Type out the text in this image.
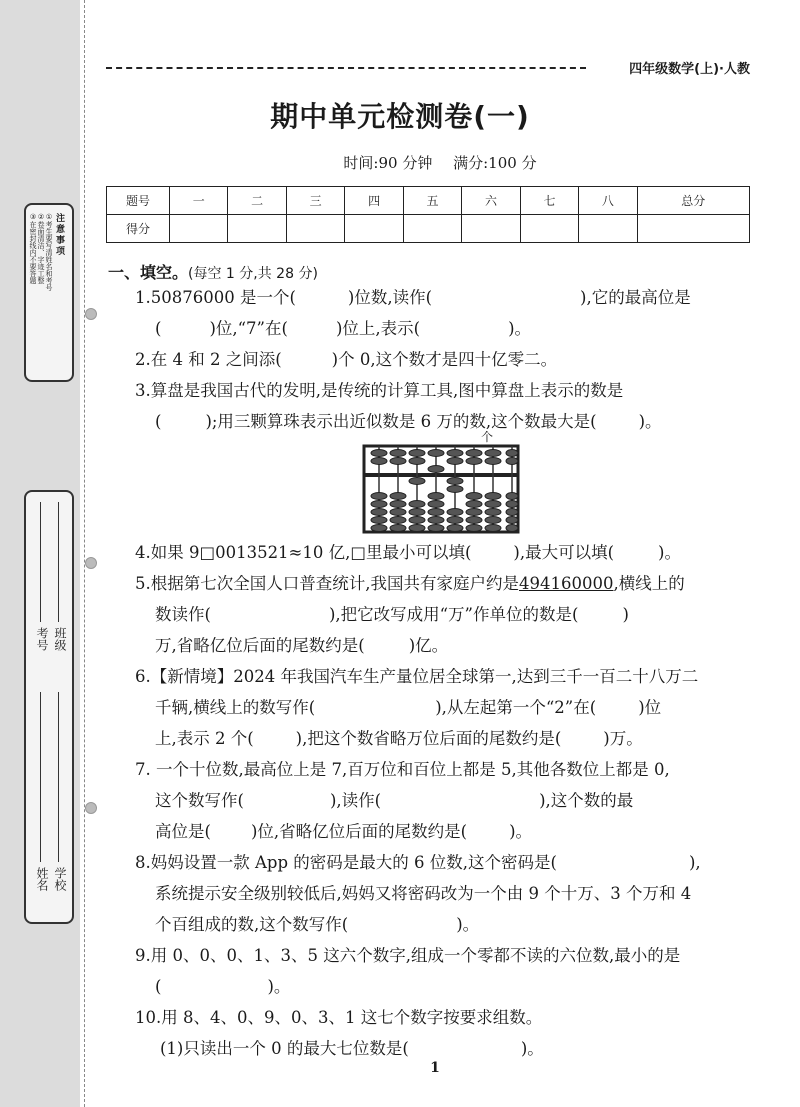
注意事项
①考生要写清姓名和考号
②卷面清洁、字迹工整
③在密封线内不要答题
学校
姓名
班级
考号
四年级数学(上)·人教
期中单元检测卷(一)
时间:90 分钟 满分:100 分
题号	一	二	三	四	五	六	七	八	总分
得分									
一、填空。(每空 1 分,共 28 分)
1.50876000 是一个(	)位数,读作(	),它的最高位是
(	)位,“7”在(	)位上,表示(	)。
2.在 4 和 2 之间添(	)个 0,这个数才是四十亿零二。
3.算盘是我国古代的发明,是传统的计算工具,图中算盘上表示的数是
(	);用三颗算珠表示出近似数是 6 万的数,这个数最大是(	)。
个
4.如果 9□0013521≈10 亿,□里最小可以填(	),最大可以填(	)。
5.根据第七次全国人口普查统计,我国共有家庭户约是494160000,横线上的
数读作(	),把它改写成用“万”作单位的数是(	)
万,省略亿位后面的尾数约是(	)亿。
6.【新情境】2024 年我国汽车生产量位居全球第一,达到三千一百二十八万二
千辆,横线上的数写作(	),从左起第一个“2”在(	)位
上,表示 2 个(	),把这个数省略万位后面的尾数约是(	)万。
7. 一个十位数,最高位上是 7,百万位和百位上都是 5,其他各数位上都是 0,
这个数写作(	),读作(	),这个数的最
高位是( )位,省略亿位后面的尾数约是(	)。
8.妈妈设置一款 App 的密码是最大的 6 位数,这个密码是(	),
系统提示安全级别较低后,妈妈又将密码改为一个由 9 个十万、3 个万和 4
个百组成的数,这个数写作(	)。
9.用 0、0、0、1、3、5 这六个数字,组成一个零都不读的六位数,最小的是
(	)。
10.用 8、4、0、9、0、3、1 这七个数字按要求组数。
(1)只读出一个 0 的最大七位数是(	)。
1
